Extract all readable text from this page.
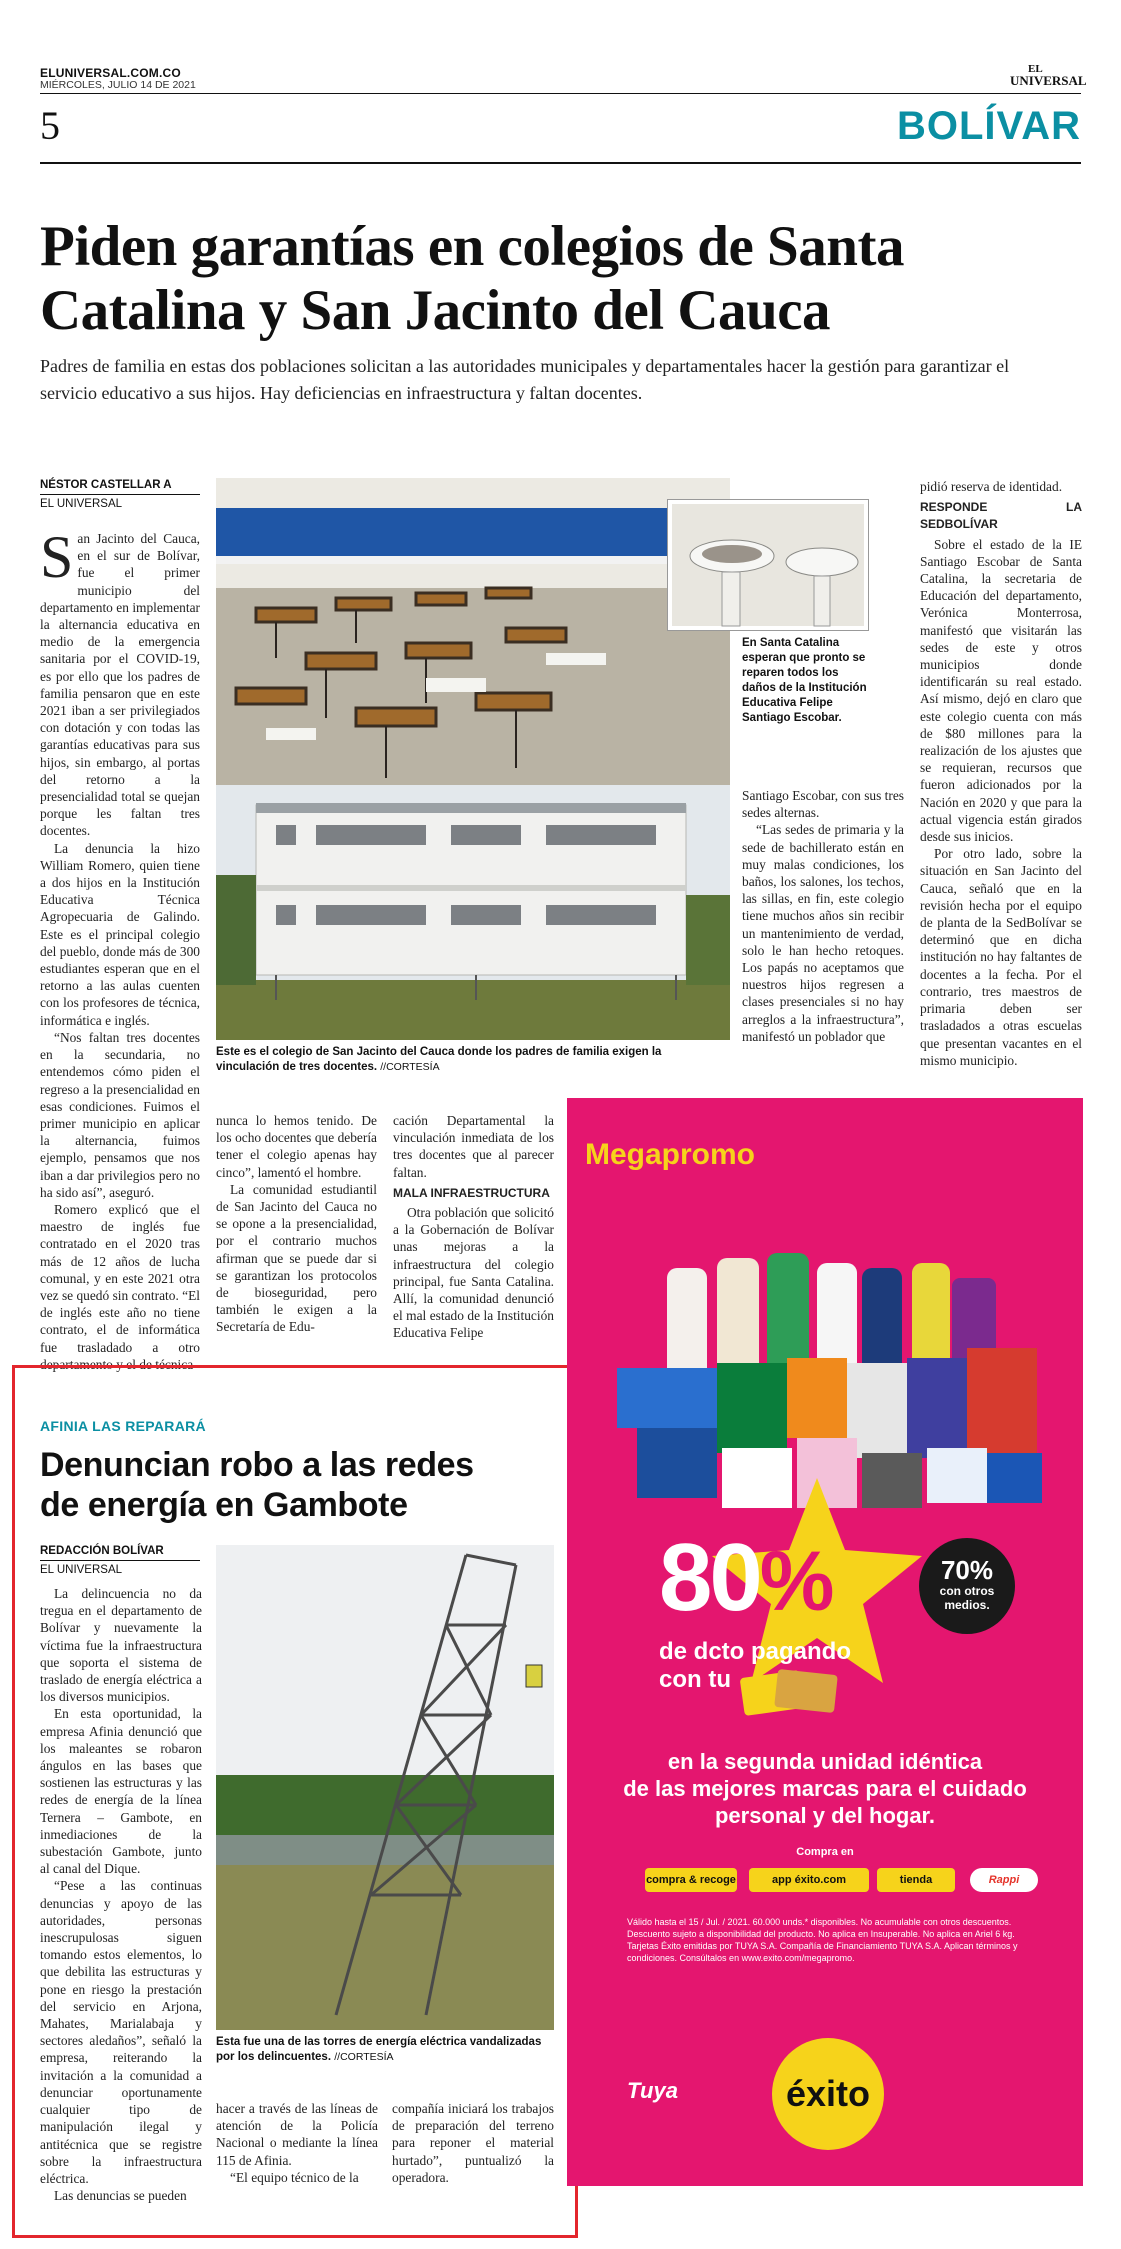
ELUNIVERSAL.COM.CO
MIÉRCOLES, JULIO 14 DE 2021
EL
UNIVERSAL
5	BOLÍVAR
Piden garantías en colegios de Santa
Catalina y San Jacinto del Cauca
Padres de familia en estas dos poblaciones solicitan a las autoridades municipales y departamentales hacer la gestión para garantizar el servicio educativo a sus hijos. Hay deficiencias en infraestructura y faltan docentes.
NÉSTOR CASTELLAR A
EL UNIVERSAL

San Jacinto del Cauca, en el sur de Bolívar, fue el primer municipio del departamento en implementar la alternancia educativa en medio de la emergencia sanitaria por el COVID-19, es por ello que los padres de familia pensaron que en este 2021 iban a ser privilegiados con dotación y con todas las garantías educativas para sus hijos, sin embargo, al portas del retorno a la presencialidad total se quejan porque les faltan tres docentes.

La denuncia la hizo William Romero, quien tiene a dos hijos en la Institución Educativa Técnica Agropecuaria de Galindo. Este es el principal colegio del pueblo, donde más de 300 estudiantes esperan que en el retorno a las aulas cuenten con los profesores de técnica, informática e inglés.

“Nos faltan tres docentes en la secundaria, no entendemos cómo piden el regreso a la presencialidad en esas condiciones. Fuimos el primer municipio en aplicar la alternancia, fuimos ejemplo, pensamos que nos iban a dar privilegios pero no ha sido así”, aseguró.

Romero explicó que el maestro de inglés fue contratado en el 2020 tras más de 12 años de lucha comunal, y en este 2021 otra vez se quedó sin contrato. “El de inglés este año no tiene contrato, el de informática fue trasladado a otro departamento y el de técnica

En Santa Catalina esperan que pronto se reparen todos los daños de la Institución Educativa Felipe Santiago Escobar.
Este es el colegio de San Jacinto del Cauca donde los padres de familia exigen la vinculación de tres docentes. //CORTESÍA

nunca lo hemos tenido. De los ocho docentes que debería tener el colegio apenas hay cinco”, lamentó el hombre.

La comunidad estudiantil de San Jacinto del Cauca no se opone a la presencialidad, por el contrario muchos afirman que se puede dar si se garantizan los protocolos de bioseguridad, pero también le exigen a la Secretaría de Edu-

cación Departamental la vinculación inmediata de los tres docentes que al parecer faltan.

MALA INFRAESTRUCTURA

Otra población que solicitó a la Gobernación de Bolívar unas mejoras a la infraestructura del colegio principal, fue Santa Catalina. Allí, la comunidad denunció el mal estado de la Institución Educativa Felipe

Santiago Escobar, con sus tres sedes alternas.

“Las sedes de primaria y la sede de bachillerato están en muy malas condiciones, los baños, los salones, los techos, las sillas, en fin, este colegio tiene muchos años sin recibir un mantenimiento de verdad, solo le han hecho retoques. Los papás no aceptamos que nuestros hijos regresen a clases presenciales si no hay arreglos a la infraestructura”, manifestó un poblador que

pidió reserva de identidad.

RESPONDE LA SEDBOLÍVAR

Sobre el estado de la IE Santiago Escobar de Santa Catalina, la secretaria de Educación del departamento, Verónica Monterrosa, manifestó que visitarán las sedes de este y otros municipios donde identificarán su real estado. Así mismo, dejó en claro que este colegio cuenta con más de $80 millones para la realización de los ajustes que se requieran, recursos que fueron adicionados por la Nación en 2020 y que para la actual vigencia están girados desde sus inicios.

Por otro lado, sobre la situación en San Jacinto del Cauca, señaló que en la revisión hecha por el equipo de planta de la SedBolívar se determinó que en dicha institución no hay faltantes de docentes a la fecha. Por el contrario, tres maestros de primaria deben ser trasladados a otras escuelas que presentan vacantes en el mismo municipio.

AFINIA LAS REPARARÁ
Denuncian robo a las redes
de energía en Gambote
REDACCIÓN BOLÍVAR
EL UNIVERSAL

La delincuencia no da tregua en el departamento de Bolívar y nuevamente la víctima fue la infraestructura que soporta el sistema de traslado de energía eléctrica a los diversos municipios.

En esta oportunidad, la empresa Afinia denunció que los maleantes se robaron ángulos en las bases que sostienen las estructuras y las redes de energía de la línea Ternera – Gambote, en inmediaciones de la subestación Gambote, junto al canal del Dique.

“Pese a las continuas denuncias y apoyo de las autoridades, personas inescrupulosas siguen tomando estos elementos, lo que debilita las estructuras y pone en riesgo la prestación del servicio en Arjona, Mahates, Marialabaja y sectores aledaños”, señaló la empresa, reiterando la invitación a la comunidad a denunciar oportunamente cualquier tipo de manipulación ilegal y antitécnica que se registre sobre la infraestructura eléctrica.

Las denuncias se pueden

Esta fue una de las torres de energía eléctrica vandalizadas por los delincuentes. //CORTESÍA

hacer a través de las líneas de atención de la Policía Nacional o mediante la línea 115 de Afinia.

“El equipo técnico de la

compañía iniciará los trabajos de preparación del terreno para reponer el material hurtado”, puntualizó la operadora.

Megapromo
80%	70%
con otros
medios.
de dcto pagando
con tu
en la segunda unidad idéntica
de las mejores marcas para el cuidado
personal y del hogar.
Compra en
compra & recoge	app éxito.com	tienda	Rappi
Válido hasta el 15 / Jul. / 2021. 60.000 unds.* disponibles. No acumulable con otros descuentos. Descuento sujeto a disponibilidad del producto. No aplica en Insuperable. No aplica en Ariel 6 kg. Tarjetas Éxito emitidas por TUYA S.A. Compañía de Financiamiento TUYA S.A. Aplican términos y condiciones. Consúltalos en www.exito.com/megapromo.
Tuya	éxito
